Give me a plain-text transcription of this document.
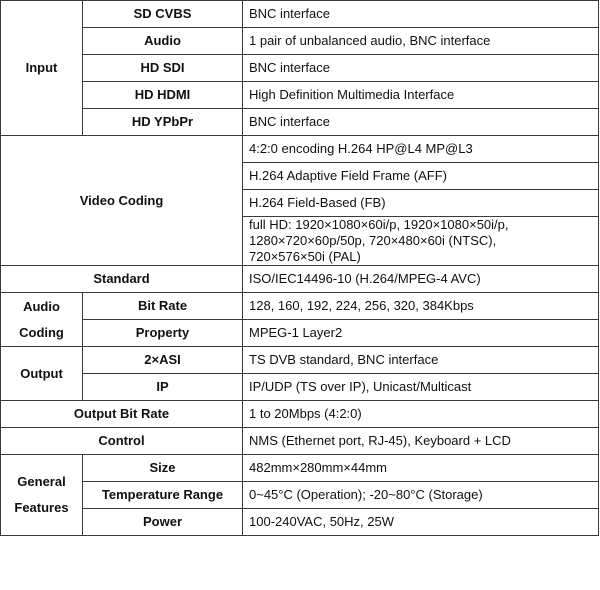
Input	SD CVBS	BNC interface
	Audio	1 pair of unbalanced audio, BNC interface
	HD SDI	BNC interface
	HD HDMI	High Definition Multimedia Interface
	HD YPbPr	BNC interface
Video Coding		4:2:0 encoding H.264 HP@L4 MP@L3
		H.264 Adaptive Field Frame (AFF)
		H.264 Field-Based (FB)

		full HD: 1920×1080×60i/p, 1920×1080×50i/p,
1280×720×60p/50p, 720×480×60i (NTSC),
720×576×50i (PAL)

Standard		ISO/IEC14496-10 (H.264/MPEG-4 AVC)

Audio
Coding	Bit Rate	128, 160, 192, 224, 256, 320, 384Kbps
	Property	MPEG-1 Layer2
Output	2×ASI	TS DVB standard, BNC interface
	IP	IP/UDP (TS over IP), Unicast/Multicast
Output Bit Rate		1 to 20Mbps (4:2:0)
Control		NMS (Ethernet port, RJ-45), Keyboard + LCD

General
Features	Size	482mm×280mm×44mm
	Temperature Range	0~45°C (Operation); -20~80°C (Storage)
	Power	100-240VAC, 50Hz, 25W
